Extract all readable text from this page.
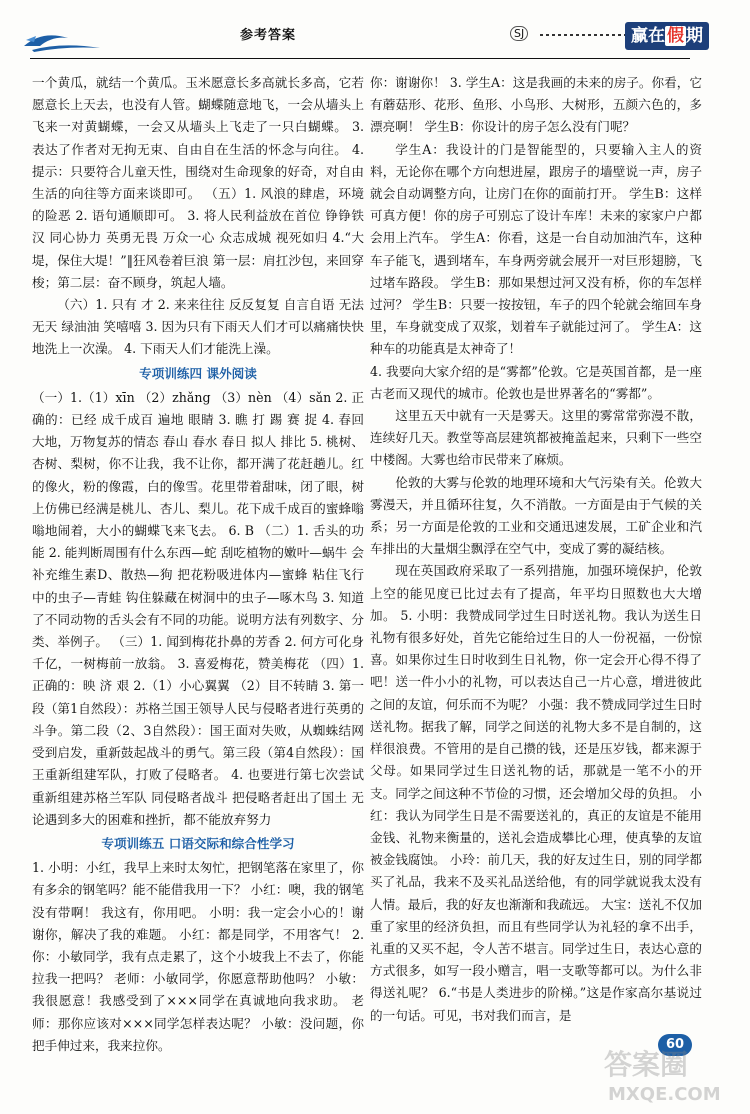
参考答案	SJ	赢在 假 期

一个黄瓜，就结一个黄瓜。玉米愿意长多高就长多高，它若愿意长上天去，也没有人管。蝴蝶随意地飞，一会从墙头上飞来一对黄蝴蝶，一会又从墙头上飞走了一只白蝴蝶。 3. 表达了作者对无拘无束、自由自在生活的怀念与向往。 4. 提示：只要符合儿童天性，围绕对生命现象的好奇，对自由生活的向往等方面来谈即可。 （五）1. 风浪的肆虐，环境的险恶 2. 语句通顺即可。 3. 将人民利益放在首位 铮铮铁汉 同心协力 英勇无畏 万众一心 众志成城 视死如归 4.“大堤，保住大堤！”‖狂风卷着巨浪 第一层：肩扛沙包，来回穿梭；第二层：奋不顾身，筑起人墙。

（六）1. 只有 才 2. 来来往往 反反复复 自言自语 无法无天 绿油油 笑嘻嘻 3. 因为只有下雨天人们才可以痛痛快快地洗上一次澡。 4. 下雨天人们才能洗上澡。

专项训练四 课外阅读

（一）1.（1）xīn （2）zhǎng （3）nèn （4）sǎn 2. 正确的：已经 成千成百 遍地 眼睛 3. 瞧 打 踢 赛 捉 4. 春回大地，万物复苏的情态 春山 春水 春日 拟人 排比 5. 桃树、杏树、梨树，你不让我，我不让你，都开满了花赶趟儿。红的像火，粉的像霞，白的像雪。花里带着甜味，闭了眼，树上仿佛已经满是桃儿、杏儿、梨儿。花下成千成百的蜜蜂嗡嗡地闹着，大小的蝴蝶飞来飞去。 6. B （二）1. 舌头的功能 2. 能判断周围有什么东西—蛇 刮吃植物的嫩叶—蜗牛 会补充维生素D、散热—狗 把花粉吸进体内—蜜蜂 粘住飞行中的虫子—青蛙 钩住躲藏在树洞中的虫子—啄木鸟 3. 知道了不同动物的舌头会有不同的功能。说明方法有列数字、分类、举例子。 （三）1. 闻到梅花扑鼻的芳香 2. 何方可化身千亿，一树梅前一放翁。 3. 喜爱梅花，赞美梅花 （四）1. 正确的：映 济 艰 2.（1）小心翼翼 （2）目不转睛 3. 第一段（第1自然段）：苏格兰国王领导人民与侵略者进行英勇的斗争。第二段（2、3自然段）：国王面对失败，从蜘蛛结网受到启发，重新鼓起战斗的勇气。第三段（第4自然段）：国王重新组建军队，打败了侵略者。 4. 也要进行第七次尝试 重新组建苏格兰军队 同侵略者战斗 把侵略者赶出了国土 无论遇到多大的困难和挫折，都不能放弃努力

专项训练五 口语交际和综合性学习

1. 小明：小红，我早上来时太匆忙，把钢笔落在家里了，你有多余的钢笔吗？能不能借我用一下？ 小红：噢，我的钢笔没有带啊！ 我这有，你用吧。 小明：我一定会小心的！谢谢你，解决了我的难题。 小红：都是同学，不用客气！ 2. 你：小敏同学，我有点走累了，这个小坡我上不去了，你能拉我一把吗？ 老师：小敏同学，你愿意帮助他吗？ 小敏：我很愿意！我感受到了×××同学在真诚地向我求助。 老师：那你应该对×××同学怎样表达呢？ 小敏：没问题，你把手伸过来，我来拉你。

你：谢谢你！ 3. 学生A：这是我画的未来的房子。你看，它有蘑菇形、花形、鱼形、小鸟形、大树形，五颜六色的，多漂亮啊！ 学生B：你设计的房子怎么没有门呢？

学生A：我设计的门是智能型的，只要输入主人的资料，无论你在哪个方向想进屋，跟房子的墙壁说一声，房子就会自动调整方向，让房门在你的面前打开。 学生B：这样可真方便！你的房子可别忘了设计车库！未来的家家户户都会用上汽车。 学生A：你看，这是一台自动加油汽车，这种车子能飞，遇到堵车，车身两旁就会展开一对巨形翅膀，飞过堵车路段。 学生B：那如果想过河又没有桥，你的车怎样过河？ 学生B：只要一按按钮，车子的四个轮就会缩回车身里，车身就变成了双浆，划着车子就能过河了。 学生A：这种车的功能真是太神奇了！

4. 我要向大家介绍的是“雾都”伦敦。它是英国首都，是一座古老而又现代的城市。伦敦也是世界著名的“雾都”。

这里五天中就有一天是雾天。这里的雾常常弥漫不散，连续好几天。教堂等高层建筑都被掩盖起来，只剩下一些空中楼阁。大雾也给市民带来了麻烦。

伦敦的大雾与伦敦的地理环境和大气污染有关。伦敦大雾漫天，并且循环往复，久不消散。一方面是由于气候的关系；另一方面是伦敦的工业和交通迅速发展，工矿企业和汽车排出的大量烟尘飘浮在空气中，变成了雾的凝结核。

现在英国政府采取了一系列措施，加强环境保护，伦敦上空的能见度已比过去有了提高，年平均日照数也大大增加。 5. 小明：我赞成同学过生日时送礼物。我认为送生日礼物有很多好处，首先它能给过生日的人一份祝福，一份惊喜。如果你过生日时收到生日礼物，你一定会开心得不得了吧！送一件小小的礼物，可以表达自己一片心意，增进彼此之间的友谊，何乐而不为呢？ 小强：我不赞成同学过生日时送礼物。据我了解，同学之间送的礼物大多不是自制的，这样很浪费。不管用的是自己攒的钱，还是压岁钱，都来源于父母。如果同学过生日送礼物的话，那就是一笔不小的开支。同学之间这种不节俭的习惯，还会增加父母的负担。 小红：我认为同学生日是不需要送礼的，真正的友谊是不能用金钱、礼物来衡量的，送礼会造成攀比心理，使真挚的友谊被金钱腐蚀。 小玲：前几天，我的好友过生日，别的同学都买了礼品，我来不及买礼品送给他，有的同学就说我太没有人情。最后，我的好友也渐渐和我疏远。 大宝：送礼不仅加重了家里的经济负担，而且有些同学认为礼轻的拿不出手，礼重的又买不起，令人苦不堪言。同学过生日，表达心意的方式很多，如写一段小赠言，唱一支歌等都可以。为什么非得送礼呢？ 6.“书是人类进步的阶梯。”这是作家高尔基说过的一句话。可见，书对我们而言，是

60
答案圈
MXQE.COM
